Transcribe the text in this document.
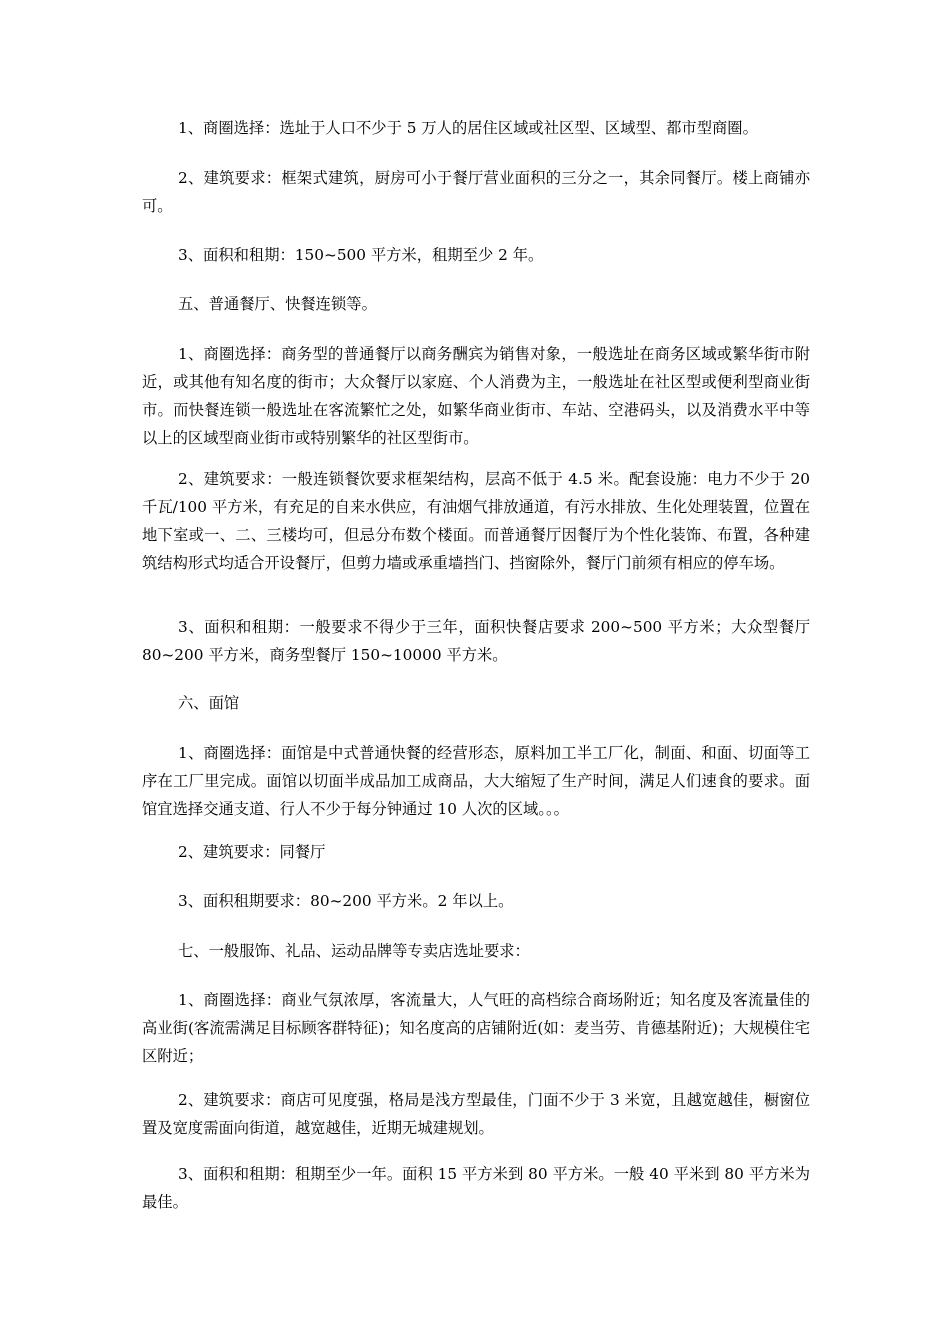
1、商圈选择：选址于人口不少于 5 万人的居住区域或社区型、区域型、都市型商圈。

2、建筑要求：框架式建筑，厨房可小于餐厅营业面积的三分之一，其余同餐厅。楼上商铺亦可。

3、面积和租期：150~500 平方米，租期至少 2 年。

五、普通餐厅、快餐连锁等。

1、商圈选择：商务型的普通餐厅以商务酬宾为销售对象，一般选址在商务区域或繁华街市附近，或其他有知名度的街市；大众餐厅以家庭、个人消费为主，一般选址在社区型或便利型商业街市。而快餐连锁一般选址在客流繁忙之处，如繁华商业街市、车站、空港码头，以及消费水平中等以上的区域型商业街市或特别繁华的社区型街市。

2、建筑要求：一般连锁餐饮要求框架结构，层高不低于 4.5 米。配套设施：电力不少于 20 千瓦/100 平方米，有充足的自来水供应，有油烟气排放通道，有污水排放、生化处理装置，位置在地下室或一、二、三楼均可，但忌分布数个楼面。而普通餐厅因餐厅为个性化装饰、布置，各种建筑结构形式均适合开设餐厅，但剪力墙或承重墙挡门、挡窗除外，餐厅门前须有相应的停车场。

3、面积和租期：一般要求不得少于三年，面积快餐店要求 200~500 平方米；大众型餐厅 80~200 平方米，商务型餐厅 150~10000 平方米。

六、面馆

1、商圈选择：面馆是中式普通快餐的经营形态，原料加工半工厂化，制面、和面、切面等工序在工厂里完成。面馆以切面半成品加工成商品，大大缩短了生产时间，满足人们速食的要求。面馆宜选择交通支道、行人不少于每分钟通过 10 人次的区域。。。

2、建筑要求：同餐厅

3、面积租期要求：80~200 平方米。2 年以上。

七、一般服饰、礼品、运动品牌等专卖店选址要求：

1、商圈选择：商业气氛浓厚，客流量大，人气旺的高档综合商场附近；知名度及客流量佳的高业街(客流需满足目标顾客群特征)；知名度高的店铺附近(如：麦当劳、肯德基附近)；大规模住宅区附近；

2、建筑要求：商店可见度强，格局是浅方型最佳，门面不少于 3 米宽，且越宽越佳，橱窗位置及宽度需面向街道，越宽越佳，近期无城建规划。

3、面积和租期：租期至少一年。面积 15 平方米到 80 平方米。一般 40 平米到 80 平方米为最佳。
